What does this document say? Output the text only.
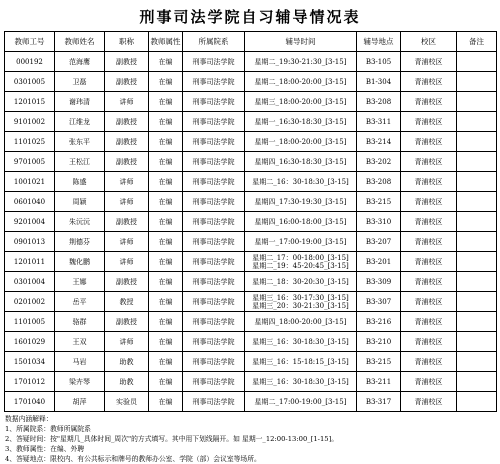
刑事司法学院自习辅导情况表
教师工号	教师姓名	职称	教师属性	所属院系	辅导时间	辅导地点	校区	备注
000192	范海鹰	副教授	在编	刑事司法学院	星期二_19:30-21:30_[3-15]	B3-105	青浦校区	
0301005	卫磊	副教授	在编	刑事司法学院	星期二_18:00-20:00_[3-15]	B1-304	青浦校区	
1201015	谢玮清	讲师	在编	刑事司法学院	星期三_18:00-20:00_[3-15]	B3-208	青浦校区	
9101002	江维龙	副教授	在编	刑事司法学院	星期一_16:30-18:30_[3-15]	B3-311	青浦校区	
1101025	张东平	副教授	在编	刑事司法学院	星期一_18:00-20:00_[3-15]	B3-214	青浦校区	
9701005	王松江	副教授	在编	刑事司法学院	星期四_16:30-18:30_[3-15]	B3-202	青浦校区	
1001021	陈盛	讲师	在编	刑事司法学院	星期二_16：30-18:30_[3-15]	B3-208	青浦校区	
0601040	周颖	讲师	在编	刑事司法学院	星期四_17:30-19:30_[3-15]	B3-215	青浦校区	
9201004	朱沅沅	副教授	在编	刑事司法学院	星期四_16:00-18:00_[3-15]	B3-310	青浦校区	
0901013	荆德芬	讲师	在编	刑事司法学院	星期一_17:00-19:00_[3-15]	B3-207	青浦校区	
1201011	魏化鹏	讲师	在编	刑事司法学院	星期二_17：00-18:00_[3-15]
星期二_19：45-20:45_[3-15]	B3-201	青浦校区	
0301004	王娜	副教授	在编	刑事司法学院	星期二_18：30-20:30_[3-15]	B3-309	青浦校区	
0201002	岳平	教授	在编	刑事司法学院	星期三_16：30-17:30_[3-15]
星期三_20：30-21:30_[3-15]	B3-307	青浦校区	
1101005	骆群	副教授	在编	刑事司法学院	星期四_18:00-20:00_[3-15]	B3-216	青浦校区	
1601029	王双	讲师	在编	刑事司法学院	星期三_16：30-18:30_[3-15]	B3-210	青浦校区	
1501034	马岩	助教	在编	刑事司法学院	星期三_16：15-18:15_[3-15]	B3-215	青浦校区	
1701012	梁卉琴	助教	在编	刑事司法学院	星期三_16：30-18:30_[3-15]	B3-211	青浦校区	
1701040	胡萍	实验员	在编	刑事司法学院	星期二_17:00-19:00_[3-15]	B3-317	青浦校区	
数据内涵解释：
1、所属院系：教师所属院系
2、答疑时间：按"星期几_具体时间_周次"的方式填写。其中用下划线隔开。如 星期一_12:00-13:00_[1-15]。
3、教师属性：在编、外聘
4、答疑地点：限校内、有公共标示和牌号的教师办公室、学院（部）会议室等场所。
